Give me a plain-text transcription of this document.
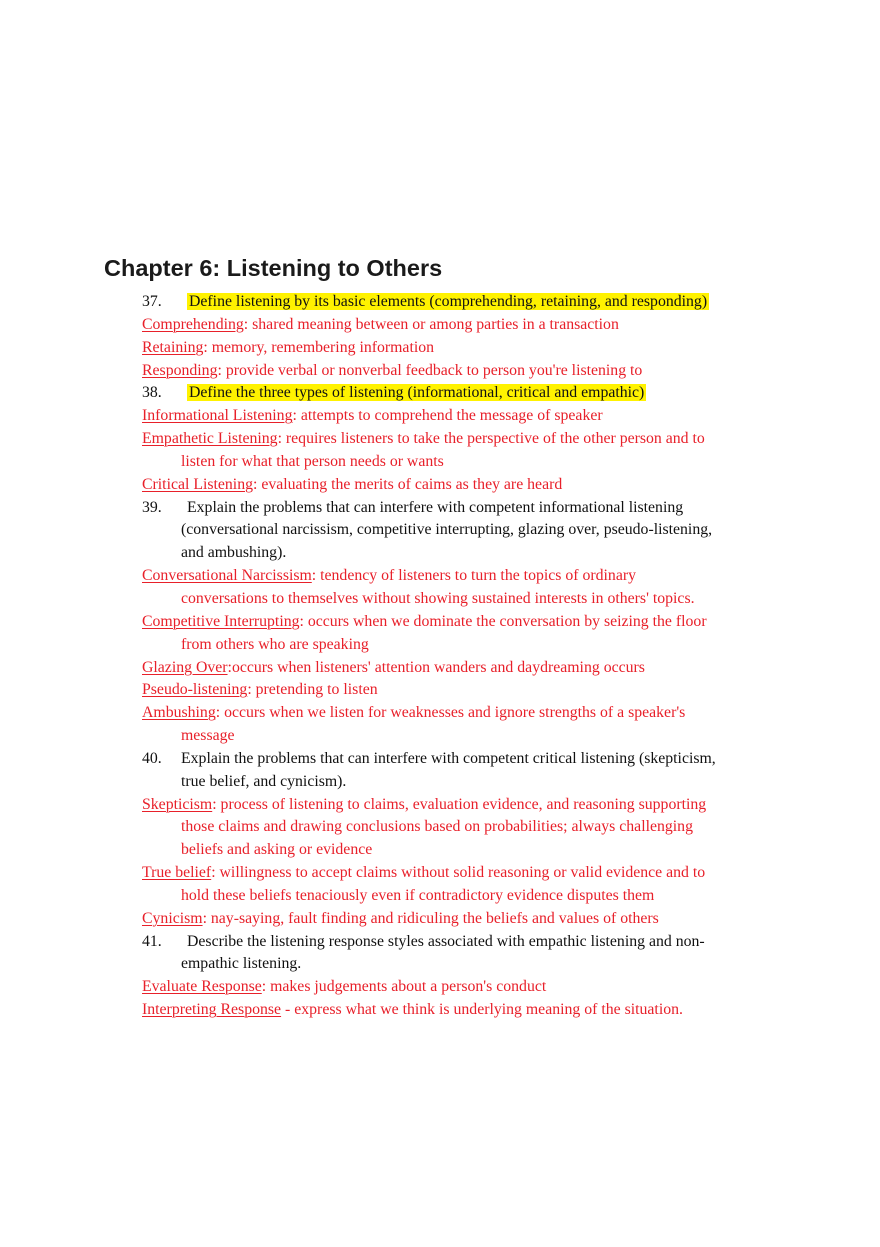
Chapter 6: Listening to Others
37. Define listening by its basic elements (comprehending, retaining, and responding)
Comprehending: shared meaning between or among parties in a transaction
Retaining: memory, remembering information
Responding: provide verbal or nonverbal feedback to person you're listening to
38. Define the three types of listening (informational, critical and empathic)
Informational Listening: attempts to comprehend the message of speaker
Empathetic Listening: requires listeners to take the perspective of the other person and to
listen for what that person needs or wants
Critical Listening: evaluating the merits of caims as they are heard
39. Explain the problems that can interfere with competent informational listening
(conversational narcissism, competitive interrupting, glazing over, pseudo-listening,
and ambushing).
Conversational Narcissism: tendency of listeners to turn the topics of ordinary
conversations to themselves without showing sustained interests in others' topics.
Competitive Interrupting: occurs when we dominate the conversation by seizing the floor
from others who are speaking
Glazing Over:occurs when listeners' attention wanders and daydreaming occurs
Pseudo-listening: pretending to listen
Ambushing: occurs when we listen for weaknesses and ignore strengths of a speaker's
message
40. Explain the problems that can interfere with competent critical listening (skepticism,
true belief, and cynicism).
Skepticism: process of listening to claims, evaluation evidence, and reasoning supporting
those claims and drawing conclusions based on probabilities; always challenging
beliefs and asking or evidence
True belief: willingness to accept claims without solid reasoning or valid evidence and to
hold these beliefs tenaciously even if contradictory evidence disputes them
Cynicism: nay-saying, fault finding and ridiculing the beliefs and values of others
41. Describe the listening response styles associated with empathic listening and non-
empathic listening.
Evaluate Response: makes judgements about a person's conduct
Interpreting Response - express what we think is underlying meaning of the situation.
